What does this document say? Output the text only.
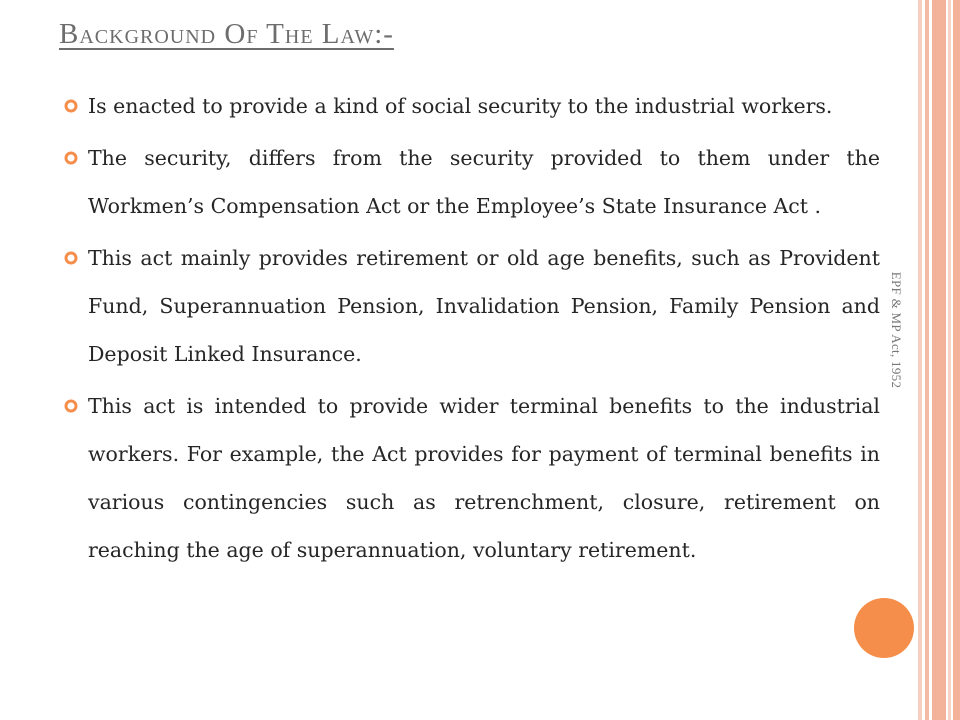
EPF & MP Act, 1952
Background Of The Law:-
Is enacted to provide a kind of social security to the industrial workers.
The security, differs from the security provided to them under the Workmen’s Compensation Act or the Employee’s State Insurance Act .
This act mainly provides retirement or old age benefits, such as Provident Fund, Superannuation Pension, Invalidation Pension, Family Pension and Deposit Linked Insurance.
This act is intended to provide wider terminal benefits to the industrial workers. For example, the Act provides for payment of terminal benefits in various contingencies such as retrenchment, closure, retirement on reaching the age of superannuation, voluntary retirement.
